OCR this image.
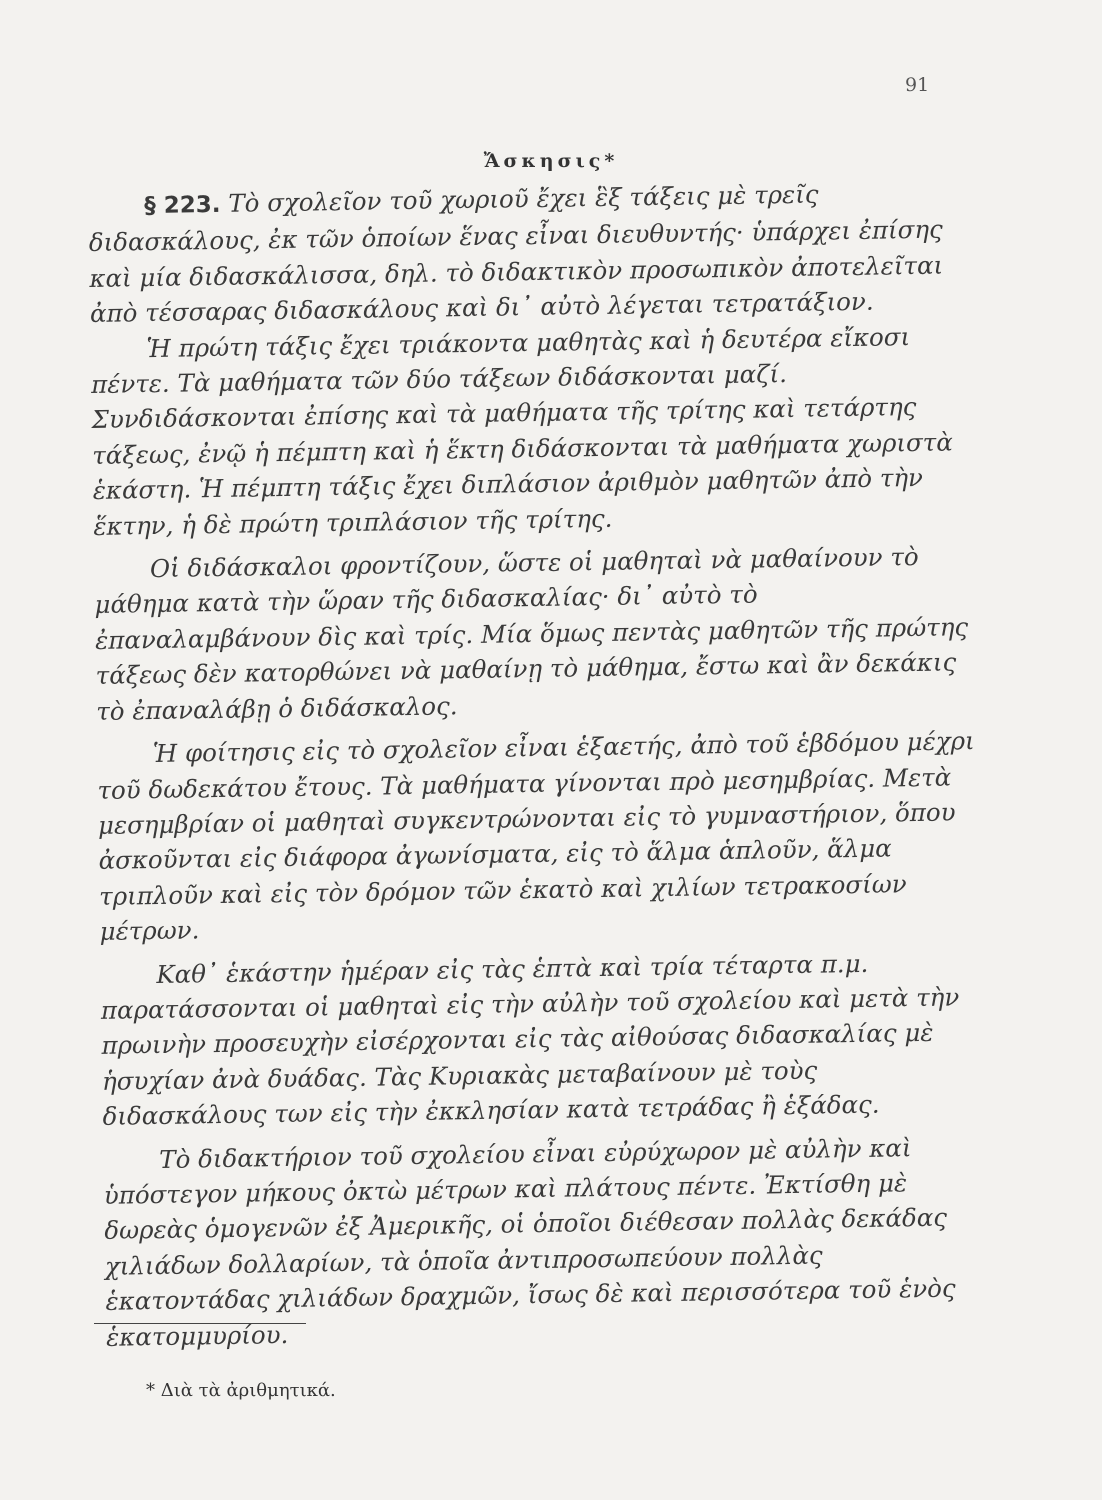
91
Ἄσκησις*

§ 223. Τὸ σχολεῖον τοῦ χωριοῦ ἔχει ἓξ τάξεις μὲ τρεῖς διδασκάλους, ἐκ τῶν ὁποίων ἕνας εἶναι διευθυντής· ὑπάρχει ἐπίσης καὶ μία διδασκάλισσα, δηλ. τὸ διδακτικὸν προσωπικὸν ἀποτελεῖται ἀπὸ τέσσαρας διδασκάλους καὶ δι᾽ αὐτὸ λέγεται τετρατάξιον.

Ἡ πρώτη τάξις ἔχει τριάκοντα μαθητὰς καὶ ἡ δευτέρα εἴκοσι πέντε. Τὰ μαθήματα τῶν δύο τάξεων διδάσκονται μαζί. Συνδιδάσκονται ἐπίσης καὶ τὰ μαθήματα τῆς τρίτης καὶ τετάρτης τάξεως, ἐνῷ ἡ πέμπτη καὶ ἡ ἕκτη διδάσκονται τὰ μαθήματα χωριστὰ ἑκάστη. Ἡ πέμπτη τάξις ἔχει διπλάσιον ἀριθμὸν μαθητῶν ἀπὸ τὴν ἕκτην, ἡ δὲ πρώτη τριπλάσιον τῆς τρίτης.

Οἱ διδάσκαλοι φροντίζουν, ὥστε οἱ μαθηταὶ νὰ μαθαίνουν τὸ μάθημα κατὰ τὴν ὥραν τῆς διδασκαλίας· δι᾽ αὐτὸ τὸ ἐπαναλαμβάνουν δὶς καὶ τρίς. Μία ὅμως πεντὰς μαθητῶν τῆς πρώτης τάξεως δὲν κατορθώνει νὰ μαθαίνῃ τὸ μάθημα, ἔστω καὶ ἂν δεκάκις τὸ ἐπαναλάβῃ ὁ διδάσκαλος.

Ἡ φοίτησις εἰς τὸ σχολεῖον εἶναι ἑξαετής, ἀπὸ τοῦ ἑβδόμου μέχρι τοῦ δωδεκάτου ἔτους. Τὰ μαθήματα γίνονται πρὸ μεσημβρίας. Μετὰ μεσημβρίαν οἱ μαθηταὶ συγκεντρώνονται εἰς τὸ γυμναστήριον, ὅπου ἀσκοῦνται εἰς διάφορα ἀγωνίσματα, εἰς τὸ ἅλμα ἁπλοῦν, ἅλμα τριπλοῦν καὶ εἰς τὸν δρόμον τῶν ἑκατὸ καὶ χιλίων τετρακοσίων μέτρων.

Καθ᾽ ἑκάστην ἡμέραν εἰς τὰς ἑπτὰ καὶ τρία τέταρτα π.μ. παρατάσσονται οἱ μαθηταὶ εἰς τὴν αὐλὴν τοῦ σχολείου καὶ μετὰ τὴν πρωινὴν προσευχὴν εἰσέρχονται εἰς τὰς αἰθούσας διδασκαλίας μὲ ἡσυχίαν ἀνὰ δυάδας. Τὰς Κυριακὰς μεταβαίνουν μὲ τοὺς διδασκάλους των εἰς τὴν ἐκκλησίαν κατὰ τετράδας ἢ ἑξάδας.

Τὸ διδακτήριον τοῦ σχολείου εἶναι εὐρύχωρον μὲ αὐλὴν καὶ ὑπόστεγον μήκους ὀκτὼ μέτρων καὶ πλάτους πέντε. Ἐκτίσθη μὲ δωρεὰς ὁμογενῶν ἐξ Ἀμερικῆς, οἱ ὁποῖοι διέθεσαν πολλὰς δεκάδας χιλιάδων δολλαρίων, τὰ ὁποῖα ἀντιπροσωπεύουν πολλὰς ἑκατοντάδας χιλιάδων δραχμῶν, ἴσως δὲ καὶ περισσότερα τοῦ ἑνὸς ἑκατομμυρίου.

* Διὰ τὰ ἀριθμητικά.
